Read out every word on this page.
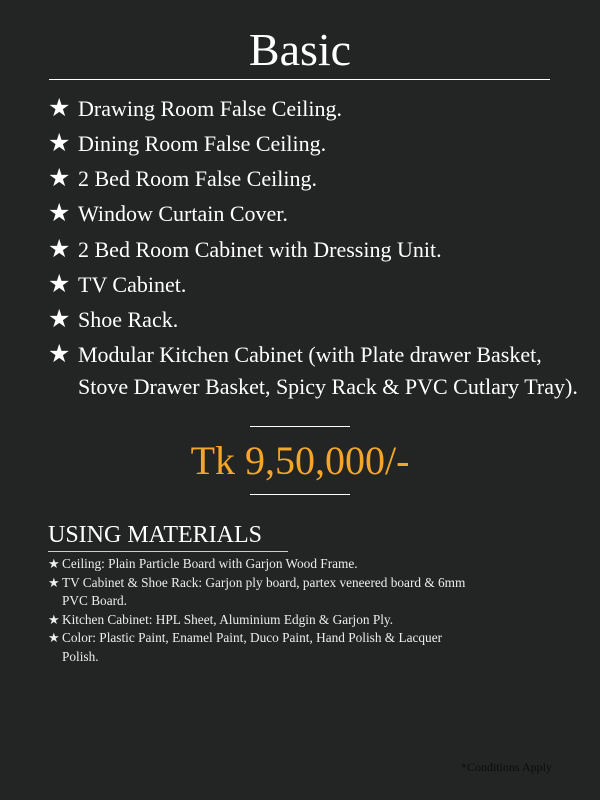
Basic
★ Drawing Room False Ceiling.
★ Dining Room False Ceiling.
★ 2 Bed Room False Ceiling.
★ Window Curtain Cover.
★ 2 Bed Room Cabinet with Dressing Unit.
★ TV Cabinet.
★ Shoe Rack.
★ Modular Kitchen Cabinet (with Plate drawer Basket, Stove Drawer Basket, Spicy Rack & PVC Cutlary Tray).
Tk 9,50,000/-
USING MATERIALS
★ Ceiling: Plain Particle Board with Garjon Wood Frame.
★ TV Cabinet & Shoe Rack: Garjon ply board, partex veneered board & 6mm PVC Board.
★ Kitchen Cabinet: HPL Sheet, Aluminium Edgin & Garjon Ply.
★ Color: Plastic Paint, Enamel Paint, Duco Paint, Hand Polish & Lacquer Polish.
*Conditions Apply
